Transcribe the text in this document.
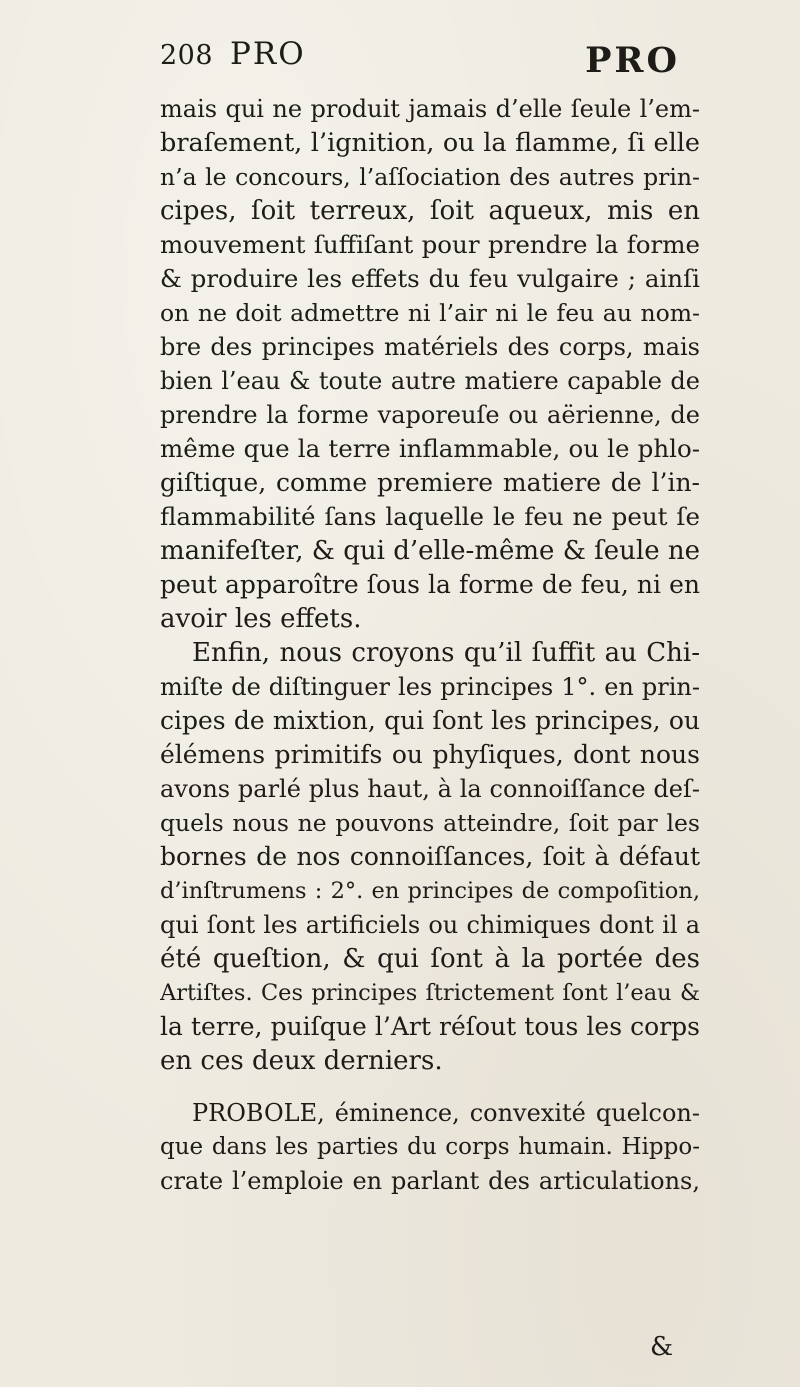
208 PRO	PRO
mais qui ne produit jamais d’elle ſeule l’em-
braſement, l’ignition, ou la flamme, ſi elle
n’a le concours, l’aſſociation des autres prin-
cipes, ſoit terreux, ſoit aqueux, mis en
mouvement ſuffiſant pour prendre la forme
& produire les effets du feu vulgaire ; ainſi
on ne doit admettre ni l’air ni le feu au nom-
bre des principes matériels des corps, mais
bien l’eau & toute autre matiere capable de
prendre la forme vaporeuſe ou aërienne, de
même que la terre inflammable, ou le phlo-
giſtique, comme premiere matiere de l’in-
flammabilité ſans laquelle le feu ne peut ſe
manifeſter, & qui d’elle-même & ſeule ne
peut apparoître ſous la forme de feu, ni en
avoir les effets.
Enfin, nous croyons qu’il ſuffit au Chi-
miſte de diſtinguer les principes 1°. en prin-
cipes de mixtion, qui ſont les principes, ou
élémens primitifs ou phyſiques, dont nous
avons parlé plus haut, à la connoiſſance deſ-
quels nous ne pouvons atteindre, ſoit par les
bornes de nos connoiſſances, ſoit à défaut
d’inſtrumens : 2°. en principes de compoſition,
qui ſont les artificiels ou chimiques dont il a
été queſtion, & qui ſont à la portée des
Artiſtes. Ces principes ſtrictement ſont l’eau &
la terre, puiſque l’Art réſout tous les corps
en ces deux derniers.
PROBOLE, éminence, convexité quelcon-
que dans les parties du corps humain. Hippo-
crate l’emploie en parlant des articulations,
&
